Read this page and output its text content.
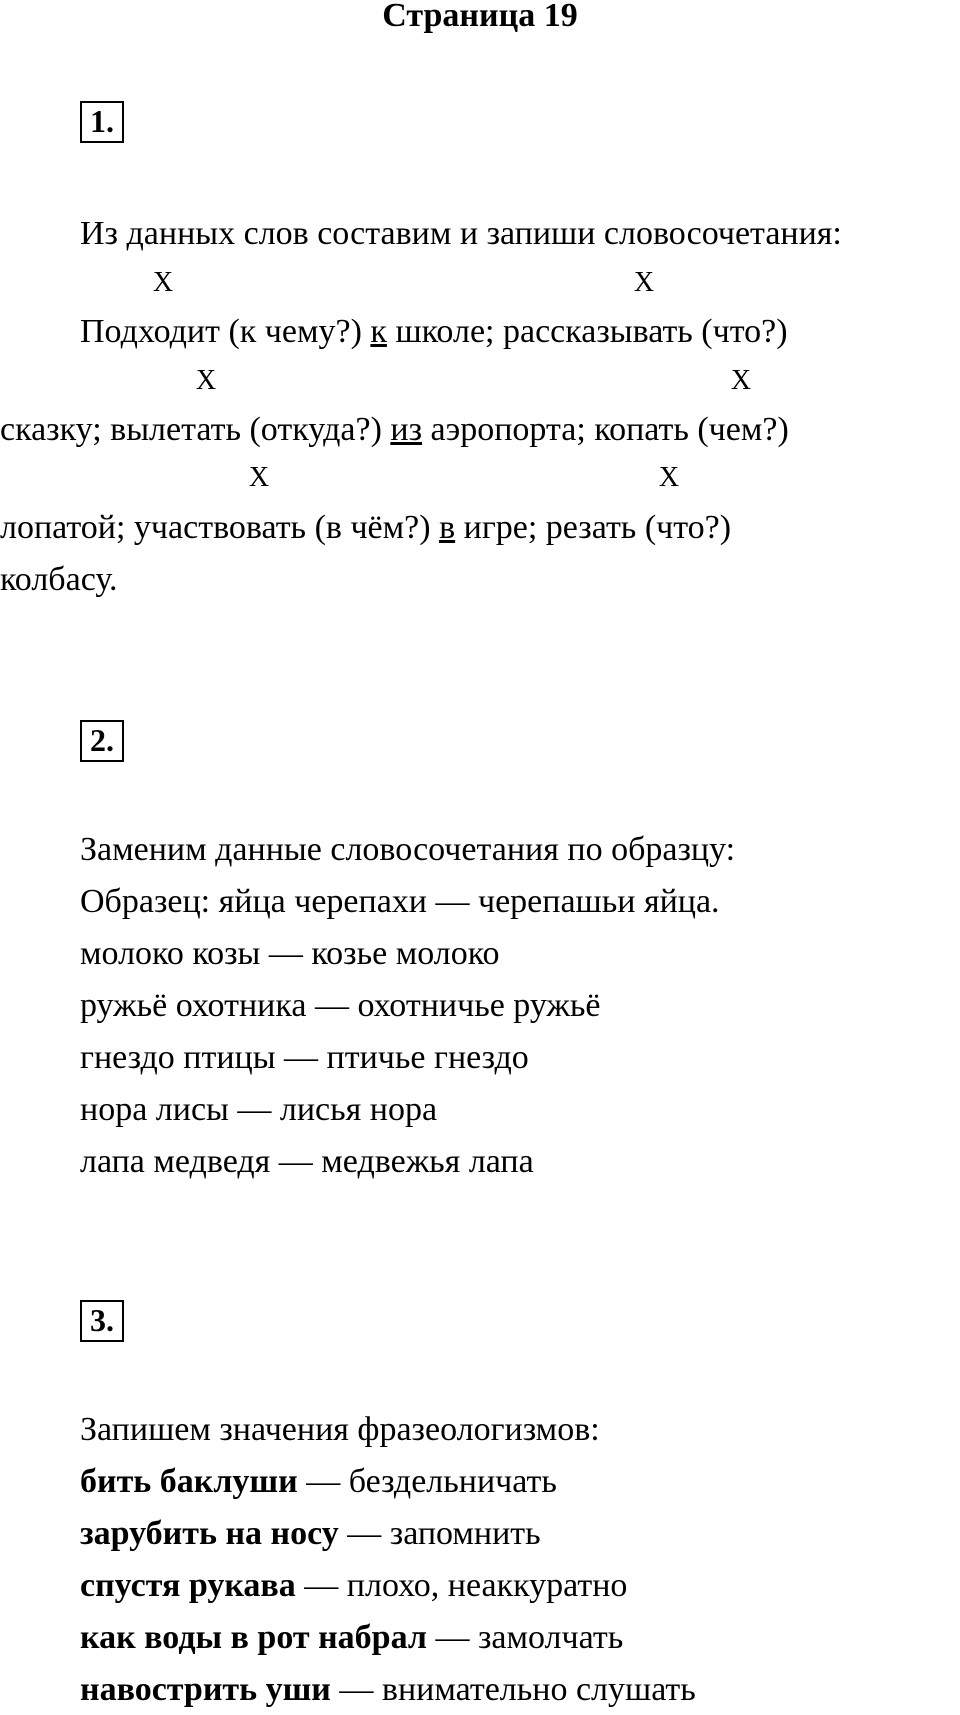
Страница 19
1.
Из данных слов составим и запиши словосочетания:
X	X
Подходит (к чему?) к школе; рассказывать (что?)
X	X
сказку; вылетать (откуда?) из аэропорта; копать (чем?)
X	X
лопатой; участвовать (в чём?) в игре; резать (что?)
колбасу.
2.
Заменим данные словосочетания по образцу:
Образец: яйца черепахи — черепашьи яйца.
молоко козы — козье молоко
ружьё охотника — охотничье ружьё
гнездо птицы — птичье гнездо
нора лисы — лисья нора
лапа медведя — медвежья лапа
3.
Запишем значения фразеологизмов:
бить баклуши — бездельничать
зарубить на носу — запомнить
спустя рукава — плохо, неаккуратно
как воды в рот набрал — замолчать
навострить уши — внимательно слушать
